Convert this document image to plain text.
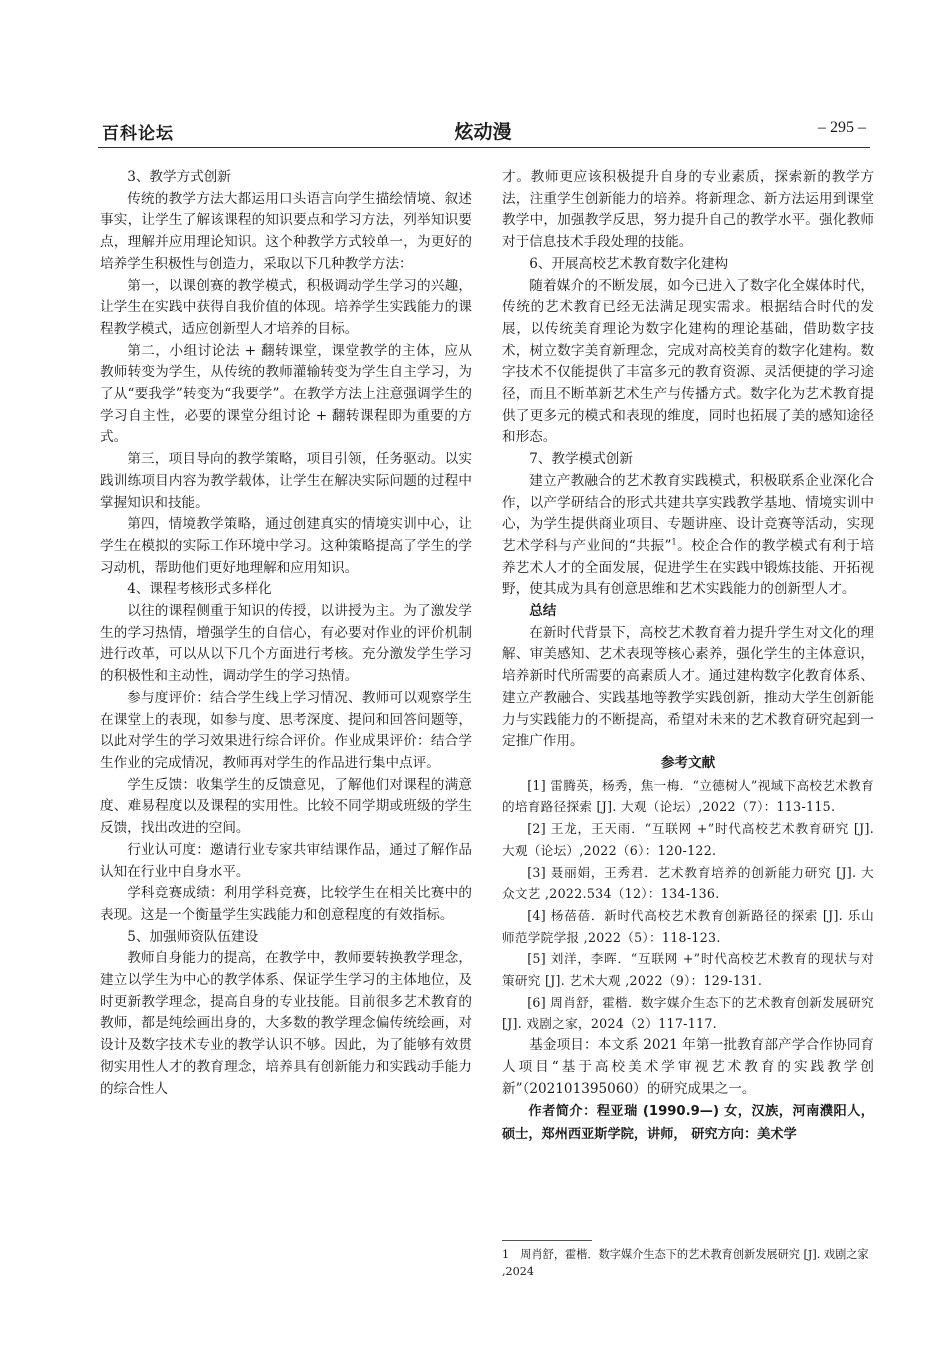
百科论坛	炫动漫	– 295 –
3、教学方式创新

传统的教学方法大都运用口头语言向学生描绘情境、叙述事实，让学生了解该课程的知识要点和学习方法，列举知识要点，理解并应用理论知识。这个种教学方式较单一，为更好的培养学生积极性与创造力，采取以下几种教学方法：

第一，以课创赛的教学模式，积极调动学生学习的兴趣，让学生在实践中获得自我价值的体现。培养学生实践能力的课程教学模式，适应创新型人才培养的目标。

第二，小组讨论法 + 翻转课堂，课堂教学的主体，应从教师转变为学生，从传统的教师灌输转变为学生自主学习，为了从“要我学”转变为“我要学”。在教学方法上注意强调学生的学习自主性，必要的课堂分组讨论 + 翻转课程即为重要的方式。

第三，项目导向的教学策略，项目引领，任务驱动。以实践训练项目内容为教学载体，让学生在解决实际问题的过程中掌握知识和技能。

第四，情境教学策略，通过创建真实的情境实训中心，让学生在模拟的实际工作环境中学习。这种策略提高了学生的学习动机，帮助他们更好地理解和应用知识。

4、课程考核形式多样化

以往的课程侧重于知识的传授，以讲授为主。为了激发学生的学习热情，增强学生的自信心，有必要对作业的评价机制进行改革，可以从以下几个方面进行考核。充分激发学生学习的积极性和主动性，调动学生的学习热情。

参与度评价：结合学生线上学习情况、教师可以观察学生在课堂上的表现，如参与度、思考深度、提问和回答问题等，以此对学生的学习效果进行综合评价。作业成果评价：结合学生作业的完成情况，教师再对学生的作品进行集中点评。

学生反馈：收集学生的反馈意见，了解他们对课程的满意度、难易程度以及课程的实用性。比较不同学期或班级的学生反馈，找出改进的空间。

行业认可度：邀请行业专家共审结课作品，通过了解作品认知在行业中自身水平。

学科竞赛成绩：利用学科竞赛，比较学生在相关比赛中的表现。这是一个衡量学生实践能力和创意程度的有效指标。

5、加强师资队伍建设

教师自身能力的提高，在教学中，教师要转换教学理念，建立以学生为中心的教学体系、保证学生学习的主体地位，及时更新教学理念，提高自身的专业技能。目前很多艺术教育的教师，都是纯绘画出身的，大多数的教学理念偏传统绘画，对设计及数字技术专业的教学认识不够。因此，为了能够有效贯彻实用性人才的教育理念，培养具有创新能力和实践动手能力的综合性人

才。教师更应该积极提升自身的专业素质，探索新的教学方法，注重学生创新能力的培养。将新理念、新方法运用到课堂教学中，加强教学反思，努力提升自己的教学水平。强化教师对于信息技术手段处理的技能。

6、开展高校艺术教育数字化建构

随着媒介的不断发展，如今已进入了数字化全媒体时代，传统的艺术教育已经无法满足现实需求。根据结合时代的发展，以传统美育理论为数字化建构的理论基础，借助数字技术，树立数字美育新理念，完成对高校美育的数字化建构。数字技术不仅能提供了丰富多元的教育资源、灵活便捷的学习途径，而且不断革新艺术生产与传播方式。数字化为艺术教育提供了更多元的模式和表现的维度，同时也拓展了美的感知途径和形态。

7、教学模式创新

建立产教融合的艺术教育实践模式，积极联系企业深化合作，以产学研结合的形式共建共享实践教学基地、情境实训中心，为学生提供商业项目、专题讲座、设计竞赛等活动，实现艺术学科与产业间的“共振”$^1$。校企合作的教学模式有利于培养艺术人才的全面发展，促进学生在实践中锻炼技能、开拓视野，使其成为具有创意思维和艺术实践能力的创新型人才。

总结

在新时代背景下，高校艺术教育着力提升学生对文化的理解、审美感知、艺术表现等核心素养，强化学生的主体意识，培养新时代所需要的高素质人才。通过建构数字化教育体系、建立产教融合、实践基地等教学实践创新，推动大学生创新能力与实践能力的不断提高，希望对未来的艺术教育研究起到一定推广作用。

参考文献

[1] 雷腾英，杨秀，焦一梅．“立德树人”视域下高校艺术教育的培育路径探索 [J]. 大观（论坛）,2022（7）：113-115.

[2] 王龙，王天雨．“互联网 +”时代高校艺术教育研究 [J]. 大观（论坛）,2022（6）：120-122.

[3] 聂丽娟，王秀君．艺术教育培养的创新能力研究 [J]. 大众文艺 ,2022.534（12）：134-136.

[4] 杨蓓蓓．新时代高校艺术教育创新路径的探索 [J]. 乐山师范学院学报 ,2022（5）：118-123.

[5] 刘洋，李晖．“互联网 +”时代高校艺术教育的现状与对策研究 [J]. 艺术大观 ,2022（9）：129-131.

[6] 周肖舒，霍楷．数字媒介生态下的艺术教育创新发展研究 [J]. 戏剧之家，2024（2）117-117.

基金项目：本文系 2021 年第一批教育部产学合作协同育人项目“基于高校美术学审视艺术教育的实践教学创新”（202101395060）的研究成果之一。

作者简介：程亚瑞 (1990.9—) 女，汉族，河南濮阳人，硕士，郑州西亚斯学院，讲师， 研究方向：美术学

1　周肖舒，霍楷．数字媒介生态下的艺术教育创新发展研究 [J]. 戏剧之家 ,2024
